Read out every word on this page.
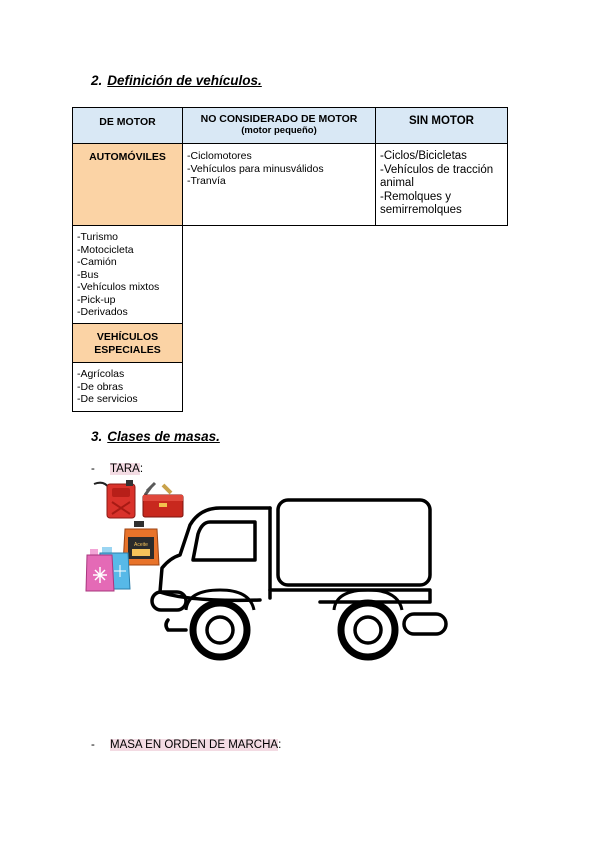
2. Definición de vehículos.
DE MOTOR	NO CONSIDERADO DE MOTOR
(motor pequeño)
SIN MOTOR
AUTOMÓVILES	-Ciclomotores
-Vehículos para minusválidos
-Tranvía
-Ciclos/Bicicletas
-Vehículos de tracción animal
-Remolques y semirremolques
-Turismo
-Motocicleta
-Camión
-Bus
-Vehículos mixtos
-Pick-up
-Derivados
VEHÍCULOS
ESPECIALES
-Agrícolas
-De obras
-De servicios
3. Clases de masas.
- TARA:
Aceite
- MASA EN ORDEN DE MARCHA:
